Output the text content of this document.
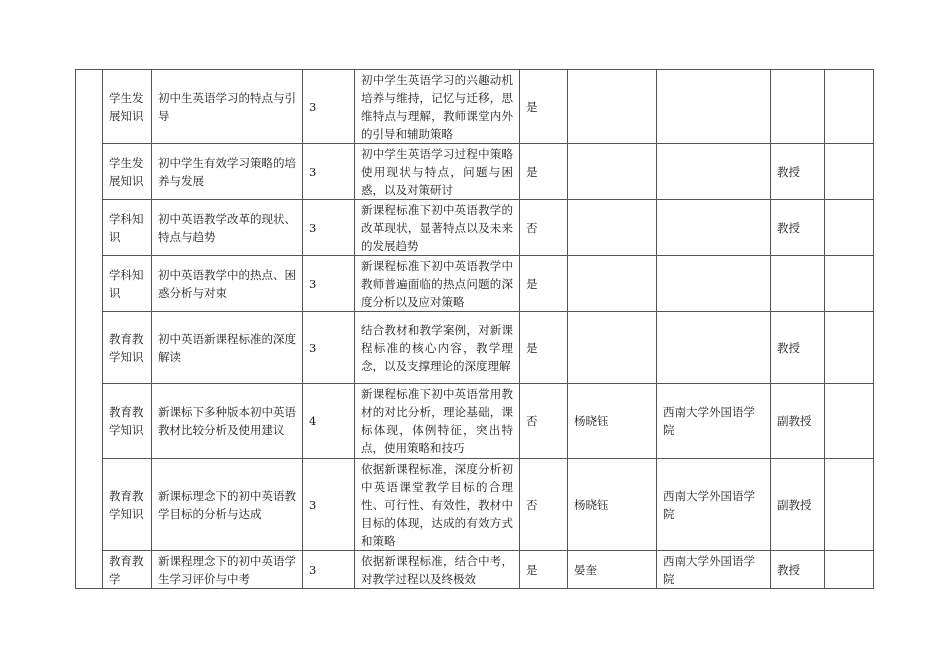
	学生发展知识	初中生英语学习的特点与引导	3	初中学生英语学习的兴趣动机培养与维持，记忆与迁移，思维特点与理解，教师课堂内外的引导和辅助策略	是				
	学生发展知识	初中学生有效学习策略的培养与发展	3	初中学生英语学习过程中策略使用现状与特点，问题与困惑，以及对策研讨	是			教授	
	学科知识	初中英语教学改革的现状、特点与趋势	3	新课程标准下初中英语教学的改革现状，显著特点以及未来的发展趋势	否			教授	
	学科知识	初中英语教学中的热点、困惑分析与对束	3	新课程标准下初中英语教学中教师普遍面临的热点问题的深度分析以及应对策略	是				
	教育教学知识	初中英语新课程标准的深度解读	3	结合教材和教学案例，对新课程标准的核心内容，教学理念，以及支撑理论的深度理解	是			教授	
	教育教学知识	新课标下多种版本初中英语教材比较分析及使用建议	4	新课程标准下初中英语常用教材的对比分析，理论基础，课标体现，体例特征，突出特点，使用策略和技巧	否	杨晓钰	西南大学外国语学院	副教授	
	教育教学知识	新课标理念下的初中英语教学目标的分析与达成	3	依据新课程标准，深度分析初中英语课堂教学目标的合理性、可行性、有效性，教材中目标的体现，达成的有效方式和策略	否	杨晓钰	西南大学外国语学院	副教授	
	教育教学	新课程理念下的初中英语学生学习评价与中考	3	依据新课程标准，结合中考，对教学过程以及终极效	是	晏奎	西南大学外国语学院	教授	
